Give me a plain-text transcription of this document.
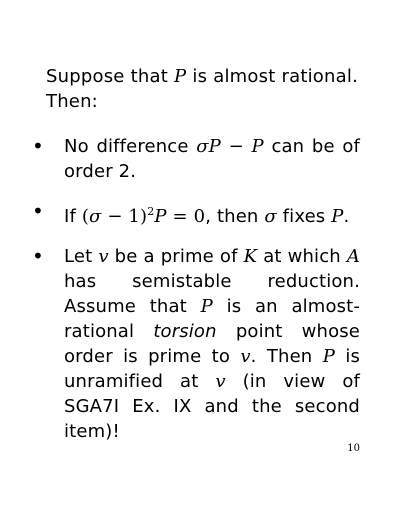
Suppose that P is almost rational.
Then:
• No difference σP − P can be of order 2.
• If $(\sigma - 1)^2P = 0$, then σ fixes P.
• Let v be a prime of K at which A has semistable reduction. Assume that P is an almost-rational torsion point whose order is prime to v. Then P is unramified at v (in view of SGA7I Ex. IX and the second item)!
10
